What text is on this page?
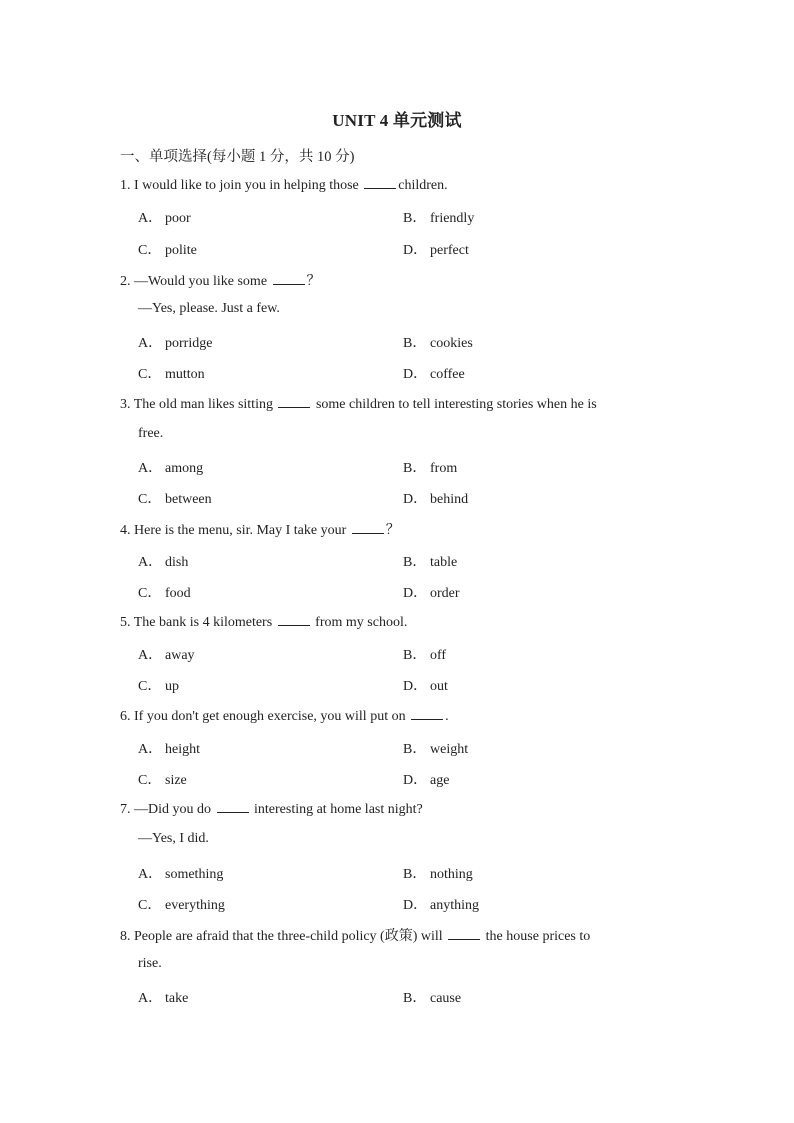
UNIT 4 单元测试
一、单项选择(每小题 1 分，共 10 分)
1. I would like to join you in helping those	children.
A． poor	B． friendly
C． polite	D． perfect
2. —Would you like some	？
—Yes, please. Just a few.
A． porridge	B． cookies
C． mutton	D． coffee
3. The old man likes sitting	some children to tell interesting stories when he is
free.
A． among	B． from
C． between	D． behind
4. Here is the menu, sir. May I take your	？
A． dish	B． table
C． food	D． order
5. The bank is 4 kilometers	from my school.
A． away	B． off
C． up	D． out
6. If you don't get enough exercise, you will put on	.
A． height	B． weight
C． size	D． age
7. —Did you do	interesting at home last night?
—Yes, I did.
A． something	B． nothing
C． everything	D． anything
8. People are afraid that the three-child policy (政策) will	the house prices to
rise.
A． take	B． cause
